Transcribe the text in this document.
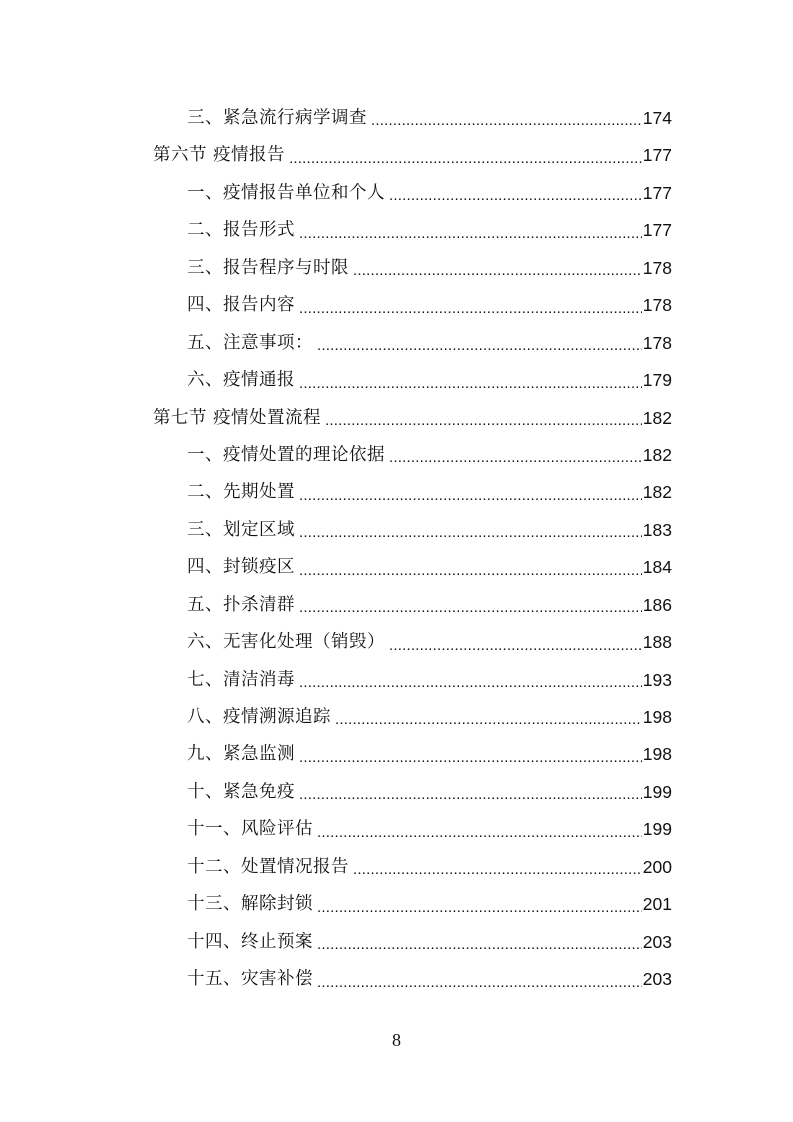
三、紧急流行病学调查 .....	174
第六节 疫情报告 .....	177
一、疫情报告单位和个人 .....	177
二、报告形式 .....	177
三、报告程序与时限 .....	178
四、报告内容 .....	178
五、注意事项： .....	178
六、疫情通报 .....	179
第七节 疫情处置流程 .....	182
一、疫情处置的理论依据 .....	182
二、先期处置 .....	182
三、划定区域 .....	183
四、封锁疫区 .....	184
五、扑杀清群 .....	186
六、无害化处理（销毁） .....	188
七、清洁消毒 .....	193
八、疫情溯源追踪 .....	198
九、紧急监测 .....	198
十、紧急免疫 .....	199
十一、风险评估 .....	199
十二、处置情况报告 .....	200
十三、解除封锁 .....	201
十四、终止预案 .....	203
十五、灾害补偿 .....	203
8
